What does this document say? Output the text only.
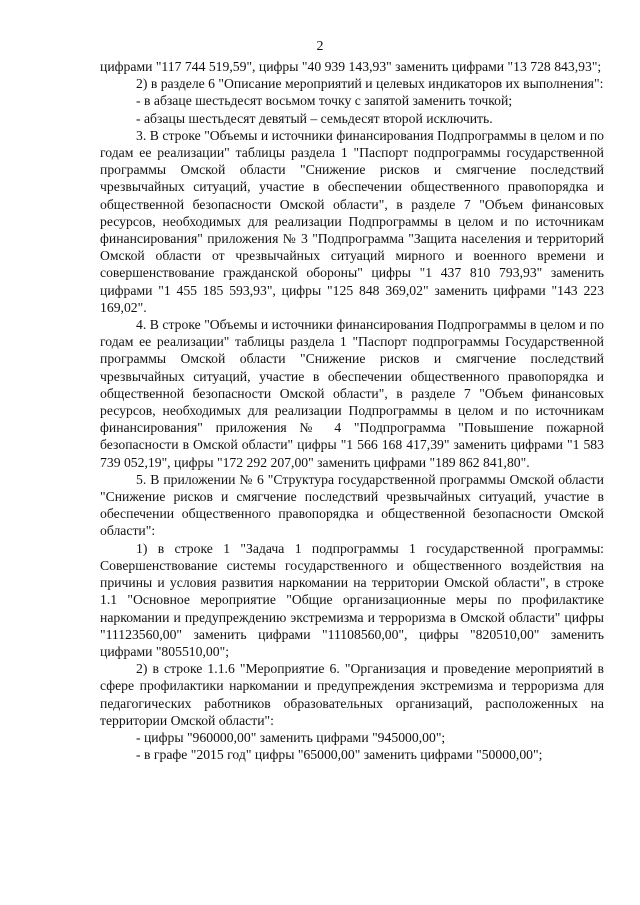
2

цифрами "117 744 519,59", цифры "40 939 143,93" заменить цифрами "13 728 843,93";

2) в разделе 6 "Описание мероприятий и целевых индикаторов их выполнения":

- в абзаце шестьдесят восьмом точку с запятой заменить точкой;

- абзацы шестьдесят девятый – семьдесят второй исключить.

3. В строке "Объемы и источники финансирования Подпрограммы в целом и по годам ее реализации" таблицы раздела 1 "Паспорт подпрограммы государственной программы Омской области "Снижение рисков и смягчение последствий чрезвычайных ситуаций, участие в обеспечении общественного правопорядка и общественной безопасности Омской области", в разделе 7 "Объем финансовых ресурсов, необходимых для реализации Подпрограммы в целом и по источникам финансирования" приложения № 3 "Подпрограмма "Защита населения и территорий Омской области от чрезвычайных ситуаций мирного и военного времени и совершенствование гражданской обороны" цифры "1 437 810 793,93" заменить цифрами "1 455 185 593,93", цифры "125 848 369,02" заменить цифрами "143 223 169,02".

4. В строке "Объемы и источники финансирования Подпрограммы в целом и по годам ее реализации" таблицы раздела 1 "Паспорт подпрограммы Государственной программы Омской области "Снижение рисков и смягчение последствий чрезвычайных ситуаций, участие в обеспечении общественного правопорядка и общественной безопасности Омской области", в разделе 7 "Объем финансовых ресурсов, необходимых для реализации Подпрограммы в целом и по источникам финансирования" приложения № 4 "Подпрограмма "Повышение пожарной безопасности в Омской области" цифры "1 566 168 417,39" заменить цифрами "1 583 739 052,19", цифры "172 292 207,00" заменить цифрами "189 862 841,80".

5. В приложении № 6 "Структура государственной программы Омской области "Снижение рисков и смягчение последствий чрезвычайных ситуаций, участие в обеспечении общественного правопорядка и общественной безопасности Омской области":

1) в строке 1 "Задача 1 подпрограммы 1 государственной программы: Совершенствование системы государственного и общественного воздействия на причины и условия развития наркомании на территории Омской области", в строке 1.1 "Основное мероприятие "Общие организационные меры по профилактике наркомании и предупреждению экстремизма и терроризма в Омской области" цифры "11123560,00" заменить цифрами "11108560,00", цифры "820510,00" заменить цифрами "805510,00";

2) в строке 1.1.6 "Мероприятие 6. "Организация и проведение мероприятий в сфере профилактики наркомании и предупреждения экстремизма и терроризма для педагогических работников образовательных организаций, расположенных на территории Омской области":

- цифры "960000,00" заменить цифрами "945000,00";

- в графе "2015 год" цифры "65000,00" заменить цифрами "50000,00";
